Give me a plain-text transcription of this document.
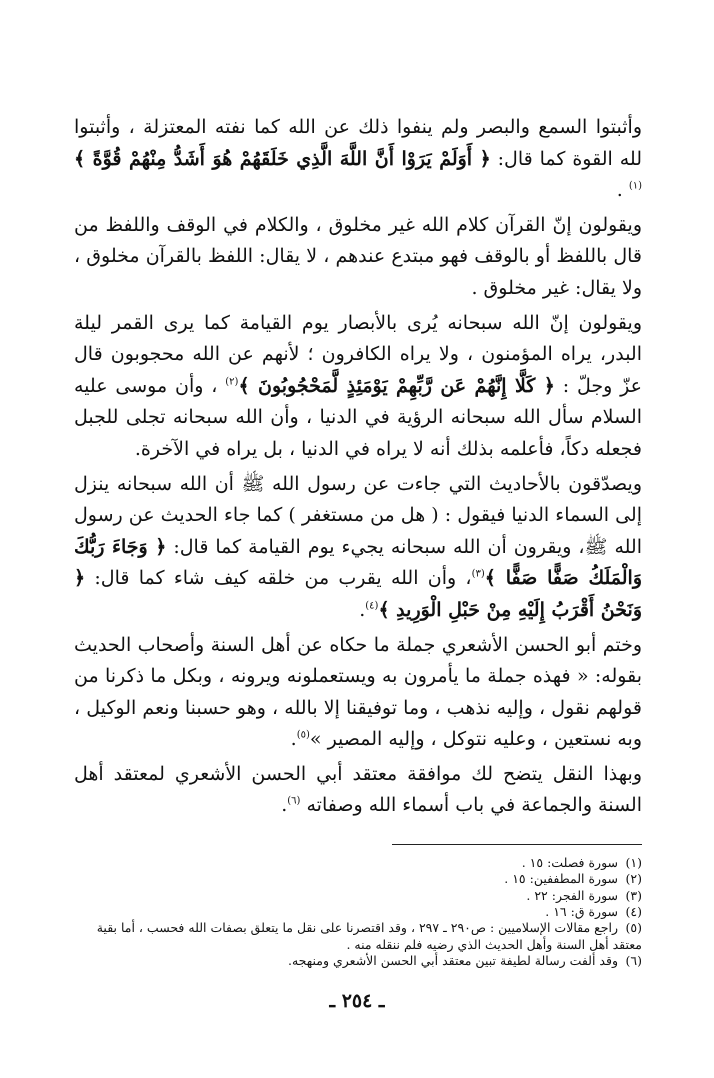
وأثبتوا السمع والبصر ولم ينفوا ذلك عن الله كما نفته المعتزلة ، وأثبتوا لله القوة كما قال: ﴿ أَوَلَمْ يَرَوْا أَنَّ اللَّهَ الَّذِي خَلَقَهُمْ هُوَ أَشَدُّ مِنْهُمْ قُوَّةً ﴾$^{(١)}$ .

ويقولون إنّ القرآن كلام الله غير مخلوق ، والكلام في الوقف واللفظ من قال باللفظ أو بالوقف فهو مبتدع عندهم ، لا يقال: اللفظ بالقرآن مخلوق ، ولا يقال: غير مخلوق .

ويقولون إنّ الله سبحانه يُرى بالأبصار يوم القيامة كما يرى القمر ليلة البدر، يراه المؤمنون ، ولا يراه الكافرون ؛ لأنهم عن الله محجوبون قال عزّ وجلّ : ﴿ كَلَّا إِنَّهُمْ عَن رَّبِّهِمْ يَوْمَئِذٍ لَّمَحْجُوبُونَ ﴾$^{(٢)}$ ، وأن موسى عليه السلام سأل الله سبحانه الرؤية في الدنيا ، وأن الله سبحانه تجلى للجبل فجعله دكاً، فأعلمه بذلك أنه لا يراه في الدنيا ، بل يراه في الآخرة.

ويصدّقون بالأحاديث التي جاءت عن رسول الله ﷺ أن الله سبحانه ينزل إلى السماء الدنيا فيقول : ( هل من مستغفر ) كما جاء الحديث عن رسول الله ﷺ، ويقرون أن الله سبحانه يجيء يوم القيامة كما قال: ﴿ وَجَاءَ رَبُّكَ وَالْمَلَكُ صَفًّا صَفًّا ﴾$^{(٣)}$، وأن الله يقرب من خلقه كيف شاء كما قال: ﴿ وَنَحْنُ أَقْرَبُ إِلَيْهِ مِنْ حَبْلِ الْوَرِيدِ ﴾$^{(٤)}$.

وختم أبو الحسن الأشعري جملة ما حكاه عن أهل السنة وأصحاب الحديث بقوله: « فهذه جملة ما يأمرون به ويستعملونه ويرونه ، وبكل ما ذكرنا من قولهم نقول ، وإليه نذهب ، وما توفيقنا إلا بالله ، وهو حسبنا ونعم الوكيل ، وبه نستعين ، وعليه نتوكل ، وإليه المصير »$^{(٥)}$.

وبهذا النقل يتضح لك موافقة معتقد أبي الحسن الأشعري لمعتقد أهل السنة والجماعة في باب أسماء الله وصفاته $^{(٦)}$.

(١) سورة فصلت: ١٥ .
(٢) سورة المطففين: ١٥ .
(٣) سورة الفجر: ٢٢ .
(٤) سورة ق: ١٦ .
(٥) راجع مقالات الإسلاميين : ص٢٩٠ ـ ٢٩٧ ، وقد اقتصرنا على نقل ما يتعلق بصفات الله فحسب ، أما بقية معتقد أهل السنة وأهل الحديث الذي رضيه فلم ننقله منه .
(٦) وقد ألفت رسالة لطيفة تبين معتقد أبي الحسن الأشعري ومنهجه.
ـ ٢٥٤ ـ
